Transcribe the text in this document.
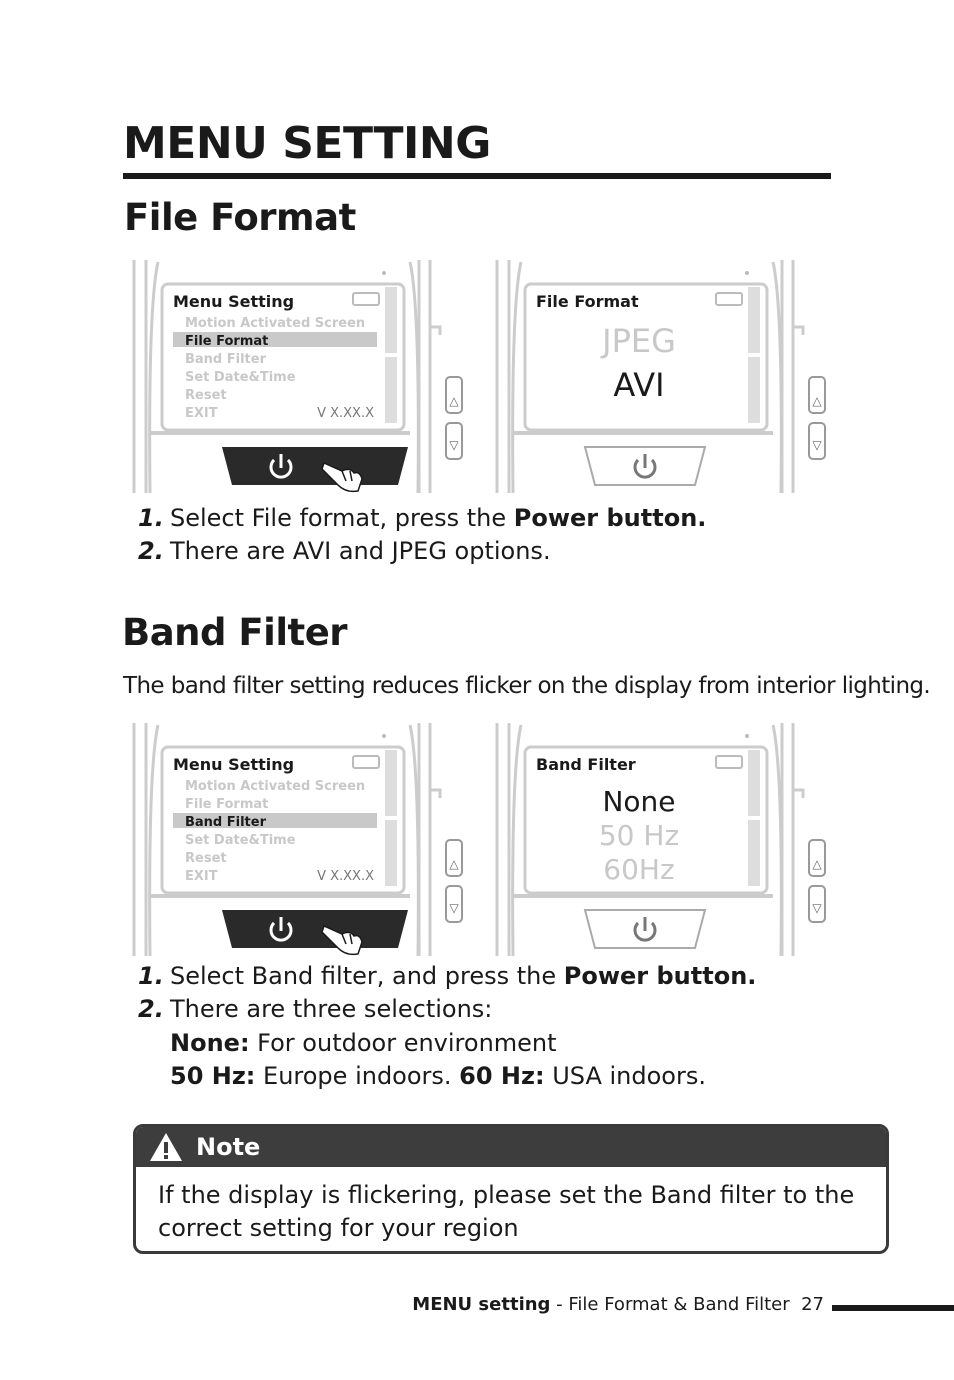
MENU SETTING
File Format
△
▽
Menu Setting
Motion Activated Screen
File Format
Band Filter
Set Date&Time
Reset
EXIT	V X.XX.X
△
▽
File Format
JPEG
AVI
1. Select File format, press the Power button.
2. There are AVI and JPEG options.
Band Filter
The band filter setting reduces flicker on the display from interior lighting.
△
▽
Menu Setting
Motion Activated Screen
File Format
Band Filter
Set Date&Time
Reset
EXIT	V X.XX.X
△
▽
Band Filter
None
50 Hz
60Hz
1. Select Band filter, and press the Power button.
2. There are three selections:
None: For outdoor environment
50 Hz: Europe indoors. 60 Hz: USA indoors.
Note
If the display is flickering, please set the Band filter to the correct setting for your region
MENU setting - File Format & Band Filter 27
